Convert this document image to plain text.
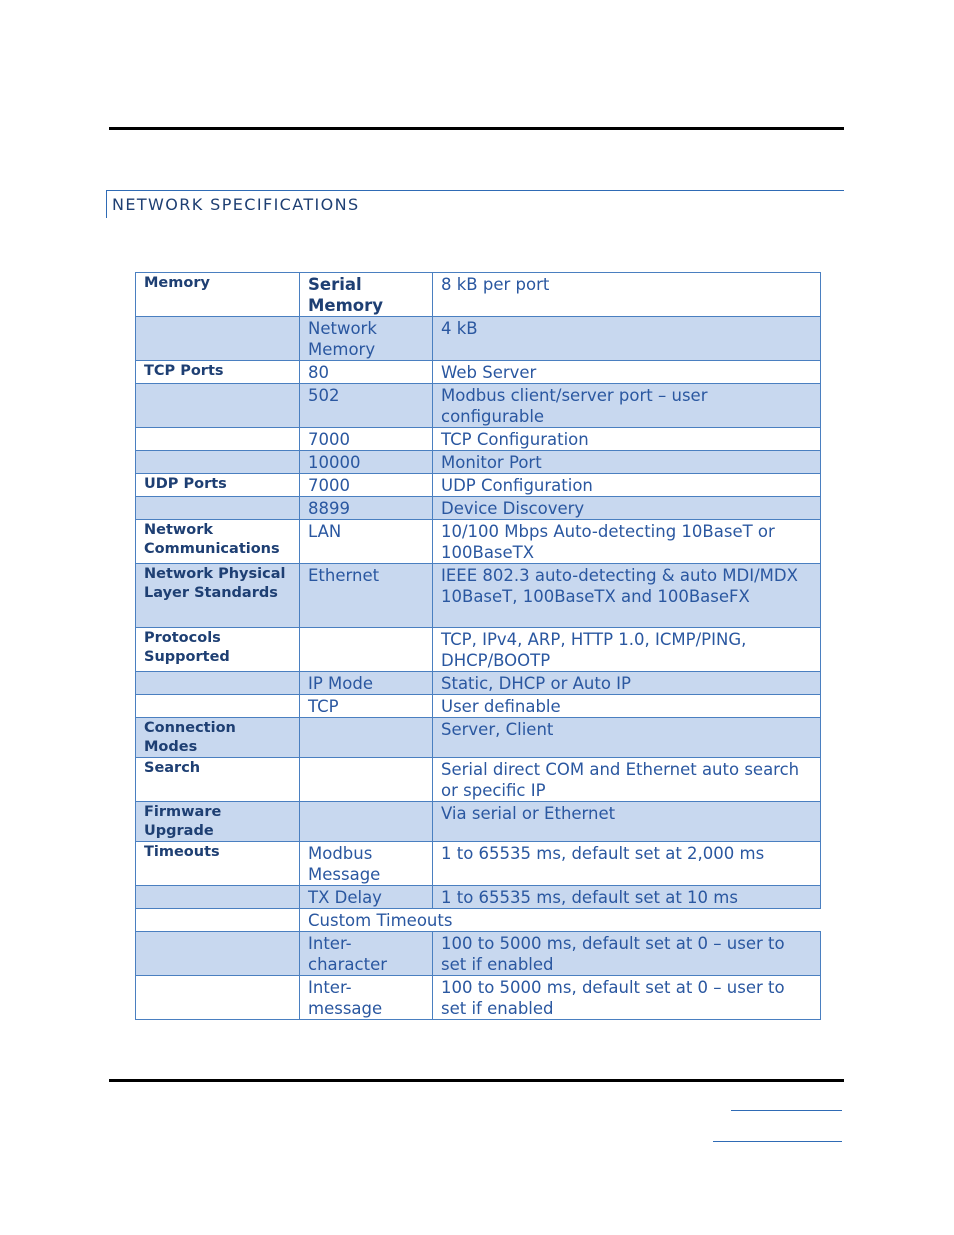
NETWORK SPECIFICATIONS
Memory	Serial Memory	8 kB per port
	Network Memory	4 kB
TCP Ports	80	Web Server
	502	Modbus client/server port – user configurable
	7000	TCP Configuration
	10000	Monitor Port
UDP Ports	7000	UDP Configuration
	8899	Device Discovery
Network Communications	LAN	10/100 Mbps Auto-detecting 10BaseT or 100BaseTX
Network Physical Layer Standards	Ethernet	IEEE 802.3 auto-detecting & auto MDI/MDX 10BaseT, 100BaseTX and 100BaseFX
Protocols Supported		TCP, IPv4, ARP, HTTP 1.0, ICMP/PING, DHCP/BOOTP
	IP Mode	Static, DHCP or Auto IP
	TCP	User definable
Connection Modes		Server, Client
Search		Serial direct COM and Ethernet auto search or specific IP
Firmware Upgrade		Via serial or Ethernet
Timeouts	Modbus Message	1 to 65535 ms, default set at 2,000 ms
	TX Delay	1 to 65535 ms, default set at 10 ms
	Custom Timeouts	
	Inter-character	100 to 5000 ms, default set at 0 – user to set if enabled
	Inter-message	100 to 5000 ms, default set at 0 – user to set if enabled
